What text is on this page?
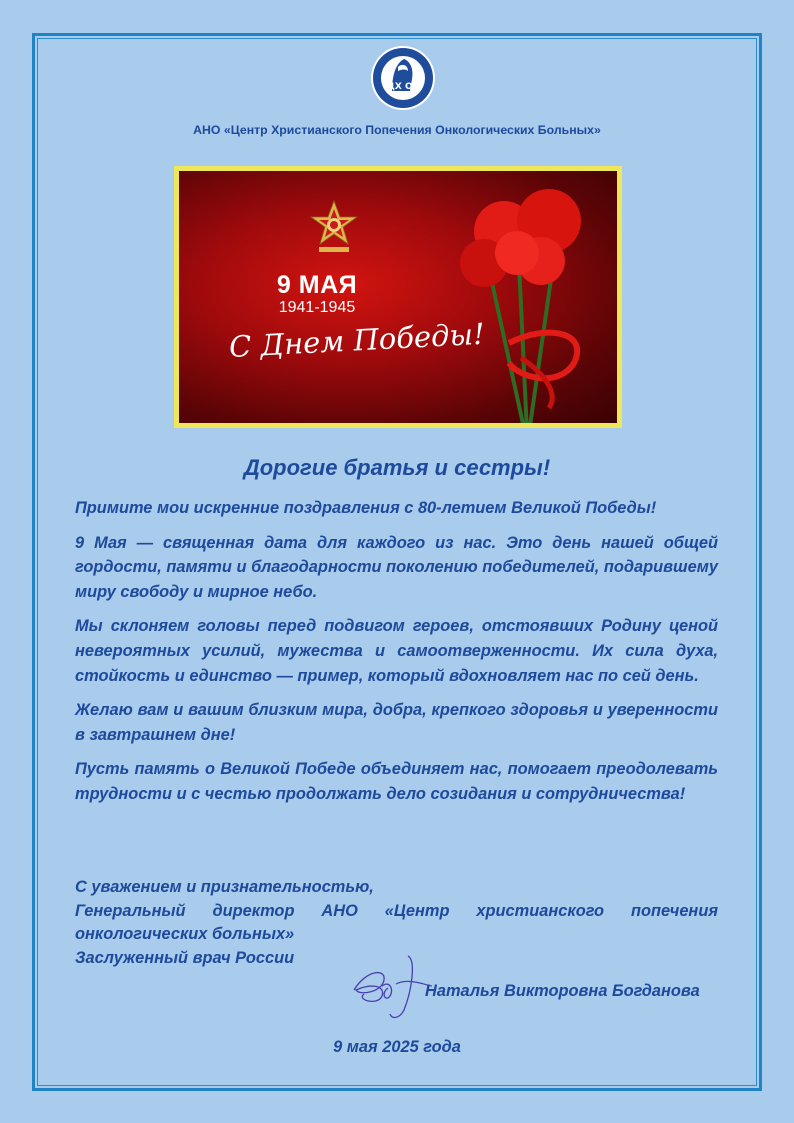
ЦХ ОБ
АНО «Центр Христианского Попечения Онкологических Больных»
9 МАЯ
1941-1945
С Днем Победы!
Дорогие братья и сестры!

Примите мои искренние поздравления с 80-летием Великой Победы!

9 Мая — священная дата для каждого из нас. Это день нашей общей гордости, памяти и благодарности поколению победителей, подарившему миру свободу и мирное небо.

Мы склоняем головы перед подвигом героев, отстоявших Родину ценой невероятных усилий, мужества и самоотверженности. Их сила духа, стойкость и единство — пример, который вдохновляет нас по сей день.

Желаю вам и вашим близким мира, добра, крепкого здоровья и уверенности в завтрашнем дне!

Пусть память о Великой Победе объединяет нас, помогает преодолевать трудности и с честью продолжать дело созидания и сотрудничества!

С уважением и признательностью,
Генеральный директор АНО «Центр христианского попечения онкологических больных»
Заслуженный врач России
Наталья Викторовна Богданова
9 мая 2025 года
